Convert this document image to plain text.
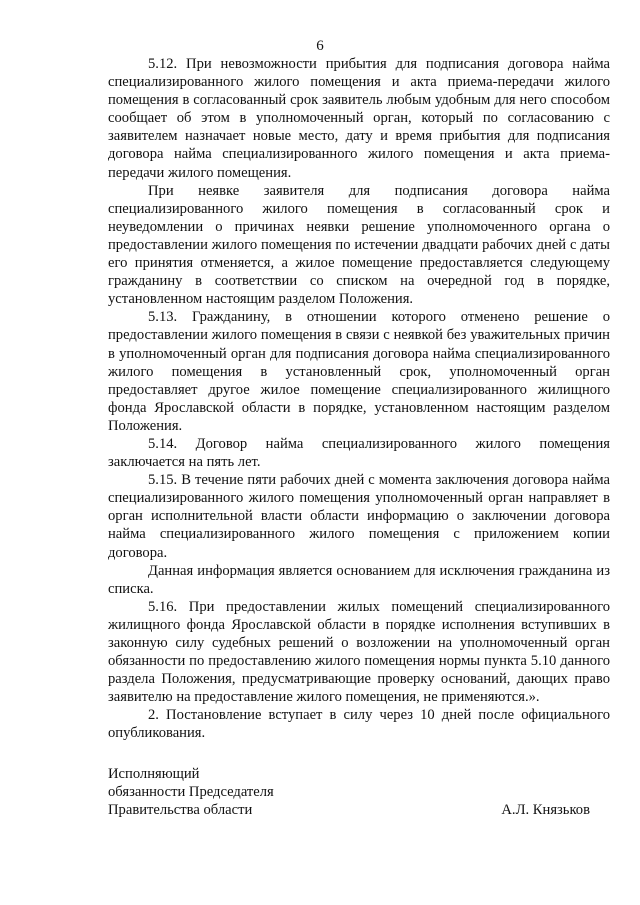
6

5.12. При невозможности прибытия для подписания договора найма специализированного жилого помещения и акта приема-передачи жилого помещения в согласованный срок заявитель любым удобным для него способом сообщает об этом в уполномоченный орган, который по согласованию с заявителем назначает новые место, дату и время прибытия для подписания договора найма специализированного жилого помещения и акта приема-передачи жилого помещения.

При неявке заявителя для подписания договора найма специализированного жилого помещения в согласованный срок и неуведомлении о причинах неявки решение уполномоченного органа о предоставлении жилого помещения по истечении двадцати рабочих дней с даты его принятия отменяется, а жилое помещение предоставляется следующему гражданину в соответствии со списком на очередной год в порядке, установленном настоящим разделом Положения.

5.13. Гражданину, в отношении которого отменено решение о предоставлении жилого помещения в связи с неявкой без уважительных причин в уполномоченный орган для подписания договора найма специализированного жилого помещения в установленный срок, уполномоченный орган предоставляет другое жилое помещение специализированного жилищного фонда Ярославской области в порядке, установленном настоящим разделом Положения.

5.14. Договор найма специализированного жилого помещения заключается на пять лет.

5.15. В течение пяти рабочих дней с момента заключения договора найма специализированного жилого помещения уполномоченный орган направляет в орган исполнительной власти области информацию о заключении договора найма специализированного жилого помещения с приложением копии договора.

Данная информация является основанием для исключения гражданина из списка.

5.16. При предоставлении жилых помещений специализированного жилищного фонда Ярославской области в порядке исполнения вступивших в законную силу судебных решений о возложении на уполномоченный орган обязанности по предоставлению жилого помещения нормы пункта 5.10 данного раздела Положения, предусматривающие проверку оснований, дающих право заявителю на предоставление жилого помещения, не применяются.».

2. Постановление вступает в силу через 10 дней после официального опубликования.

Исполняющий
обязанности Председателя
Правительства области	А.Л. Князьков
